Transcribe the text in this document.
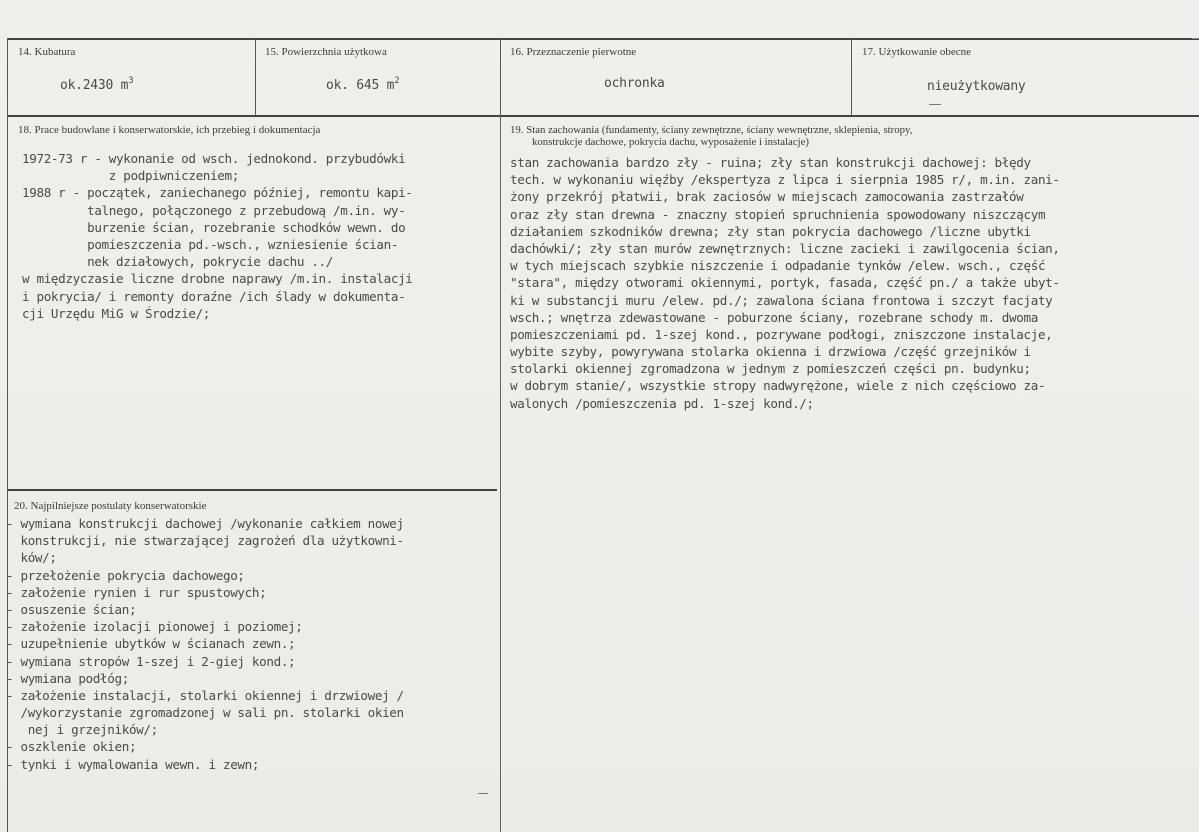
14. Kubatura
ok.2430 $m^3$
15. Powierzchnia użytkowa
ok. 645 $m^2$
16. Przeznaczenie pierwotne
ochronka
17. Użytkowanie obecne
nieużytkowany
18. Prace budowlane i konserwatorskie, ich przebieg i dokumentacja
1972-73 r - wykonanie od wsch. jednokond. przybudówki
z podpiwniczeniem;
1988 r - początek, zaniechanego później, remontu kapi-
talnego, połączonego z przebudową /m.in. wy-
burzenie ścian, rozebranie schodków wewn. do
pomieszczenia pd.-wsch., wzniesienie ścian-
nek działowych, pokrycie dachu ../
w międzyczasie liczne drobne naprawy /m.in. instalacji
i pokrycia/ i remonty doraźne /ich ślady w dokumenta-
cji Urzędu MiG w Środzie/;
19. Stan zachowania (fundamenty, ściany zewnętrzne, ściany wewnętrzne, sklepienia, stropy,
konstrukcje dachowe, pokrycia dachu, wyposażenie i instalacje)
stan zachowania bardzo zły - ruina; zły stan konstrukcji dachowej: błędy
tech. w wykonaniu więźby /ekspertyza z lipca i sierpnia 1985 r/, m.in. zani-
żony przekrój płatwii, brak zaciosów w miejscach zamocowania zastrzałów
oraz zły stan drewna - znaczny stopień spruchnienia spowodowany niszczącym
działaniem szkodników drewna; zły stan pokrycia dachowego /liczne ubytki
dachówki/; zły stan murów zewnętrznych: liczne zacieki i zawilgocenia ścian,
w tych miejscach szybkie niszczenie i odpadanie tynków /elew. wsch., część
"stara", między otworami okiennymi, portyk, fasada, część pn./ a także ubyt-
ki w substancji muru /elew. pd./; zawalona ściana frontowa i szczyt facjaty
wsch.; wnętrza zdewastowane - poburzone ściany, rozebrane schody m. dwoma
pomieszczeniami pd. 1-szej kond., pozrywane podłogi, zniszczone instalacje,
wybite szyby, powyrywana stolarka okienna i drzwiowa /część grzejników i
stolarki okiennej zgromadzona w jednym z pomieszczeń części pn. budynku;
w dobrym stanie/, wszystkie stropy nadwyrężone, wiele z nich częściowo za-
walonych /pomieszczenia pd. 1-szej kond./;
20. Najpilniejsze postulaty konserwatorskie
- wymiana konstrukcji dachowej /wykonanie całkiem nowej
konstrukcji, nie stwarzającej zagrożeń dla użytkowni-
ków/;
- przełożenie pokrycia dachowego;
- założenie rynien i rur spustowych;
- osuszenie ścian;
- założenie izolacji pionowej i poziomej;
- uzupełnienie ubytków w ścianach zewn.;
- wymiana stropów 1-szej i 2-giej kond.;
- wymiana podłóg;
- założenie instalacji, stolarki okiennej i drzwiowej /
/wykorzystanie zgromadzonej w sali pn. stolarki okien
nej i grzejników/;
- oszklenie okien;
- tynki i wymalowania wewn. i zewn;
